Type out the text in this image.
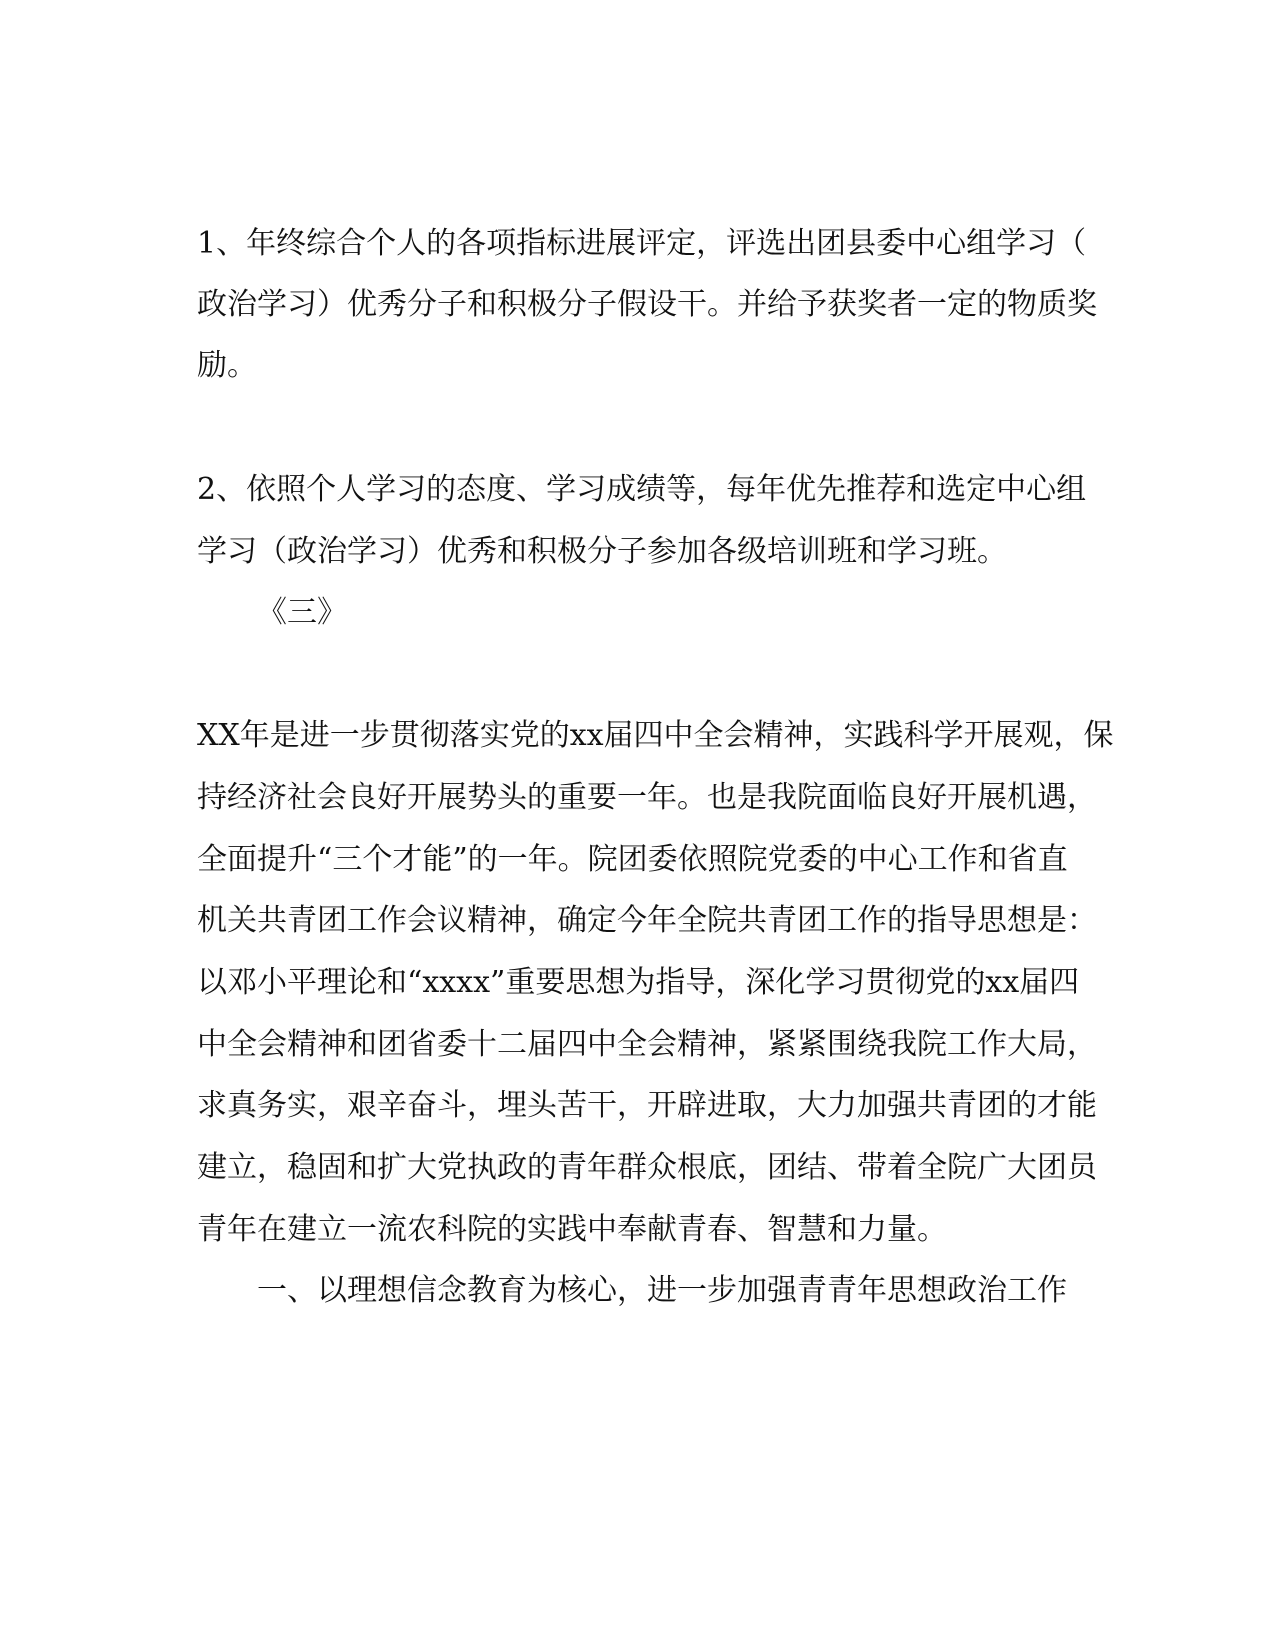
1、年终综合个人的各项指标进展评定，评选出团县委中心组学习（
政治学习）优秀分子和积极分子假设干。并给予获奖者一定的物质奖
励。
2、依照个人学习的态度、学习成绩等，每年优先推荐和选定中心组
学习（政治学习）优秀和积极分子参加各级培训班和学习班。
《三》
XX年是进一步贯彻落实党的xx届四中全会精神，实践科学开展观，保
持经济社会良好开展势头的重要一年。也是我院面临良好开展机遇，
全面提升“三个才能”的一年。院团委依照院党委的中心工作和省直
机关共青团工作会议精神，确定今年全院共青团工作的指导思想是：
以邓小平理论和“xxxx”重要思想为指导，深化学习贯彻党的xx届四
中全会精神和团省委十二届四中全会精神，紧紧围绕我院工作大局，
求真务实，艰辛奋斗，埋头苦干，开辟进取，大力加强共青团的才能
建立，稳固和扩大党执政的青年群众根底，团结、带着全院广大团员
青年在建立一流农科院的实践中奉献青春、智慧和力量。
一、以理想信念教育为核心，进一步加强青青年思想政治工作
